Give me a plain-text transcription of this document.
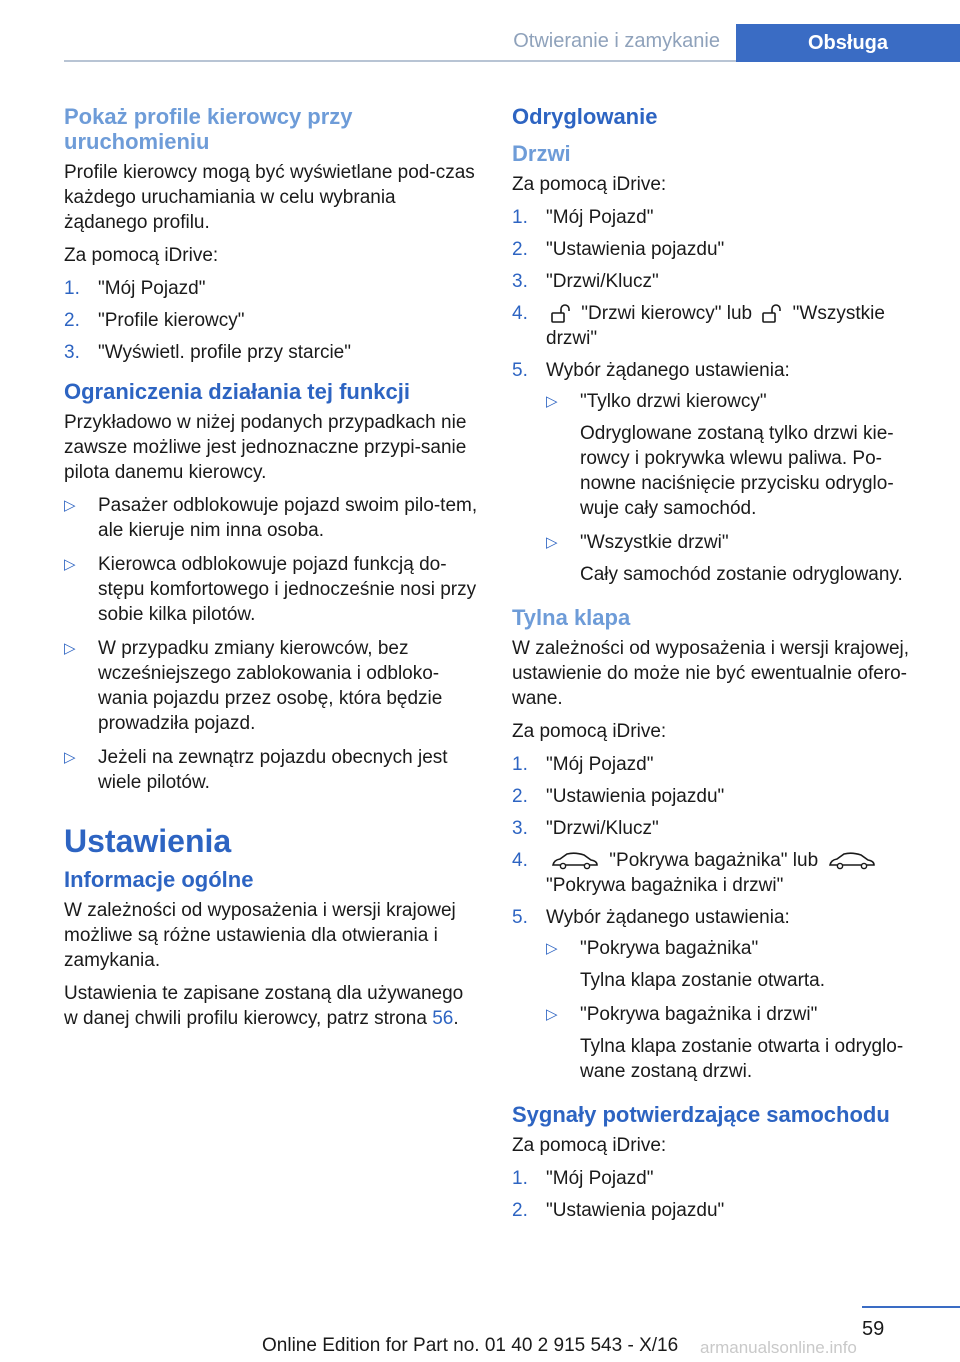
Otwieranie i zamykanie	Obsługa
Pokaż profile kierowcy przy uruchomieniu

Profile kierowcy mogą być wyświetlane pod-czas każdego uruchamiania w celu wybrania żądanego profilu.

Za pomocą iDrive:

1. "Mój Pojazd"
2. "Profile kierowcy"
3. "Wyświetl. profile przy starcie"
Ograniczenia działania tej funkcji

Przykładowo w niżej podanych przypadkach nie zawsze możliwe jest jednoznaczne przypi-sanie pilota danemu kierowcy.

▷ Pasażer odblokowuje pojazd swoim pilo-tem, ale kieruje nim inna osoba.
▷ Kierowca odblokowuje pojazd funkcją do-stępu komfortowego i jednocześnie nosi przy sobie kilka pilotów.
▷ W przypadku zmiany kierowców, bez wcześniejszego zablokowania i odbloko-wania pojazdu przez osobę, która będzie prowadziła pojazd.
▷ Jeżeli na zewnątrz pojazdu obecnych jest wiele pilotów.
Ustawienia
Informacje ogólne

W zależności od wyposażenia i wersji krajowej możliwe są różne ustawienia dla otwierania i zamykania.

Ustawienia te zapisane zostaną dla używanego w danej chwili profilu kierowcy, patrz strona 56.

Odryglowanie
Drzwi

Za pomocą iDrive:

1. "Mój Pojazd"
2. "Ustawienia pojazdu"
3. "Drzwi/Klucz"
4.	"Drzwi kierowcy" lub "Wszystkie drzwi"
5. Wybór żądanego ustawienia:
▷ "Tylko drzwi kierowcy"

Odryglowane zostaną tylko drzwi kie-rowcy i pokrywka wlewu paliwa. Po-nowne naciśnięcie przycisku odryglo-wuje cały samochód.

▷ "Wszystkie drzwi"

Cały samochód zostanie odryglowany.

Tylna klapa

W zależności od wyposażenia i wersji krajowej, ustawienie do może nie być ewentualnie ofero-wane.

Za pomocą iDrive:

1. "Mój Pojazd"
2. "Ustawienia pojazdu"
3. "Drzwi/Klucz"
4.	"Pokrywa bagażnika" lub
"Pokrywa bagażnika i drzwi"
5. Wybór żądanego ustawienia:
▷ "Pokrywa bagażnika"

Tylna klapa zostanie otwarta.

▷ "Pokrywa bagażnika i drzwi"

Tylna klapa zostanie otwarta i odryglo-wane zostaną drzwi.

Sygnały potwierdzające samochodu

Za pomocą iDrive:

1. "Mój Pojazd"
2. "Ustawienia pojazdu"
59
armanualsonline.info
Online Edition for Part no. 01 40 2 915 543 - X/16
